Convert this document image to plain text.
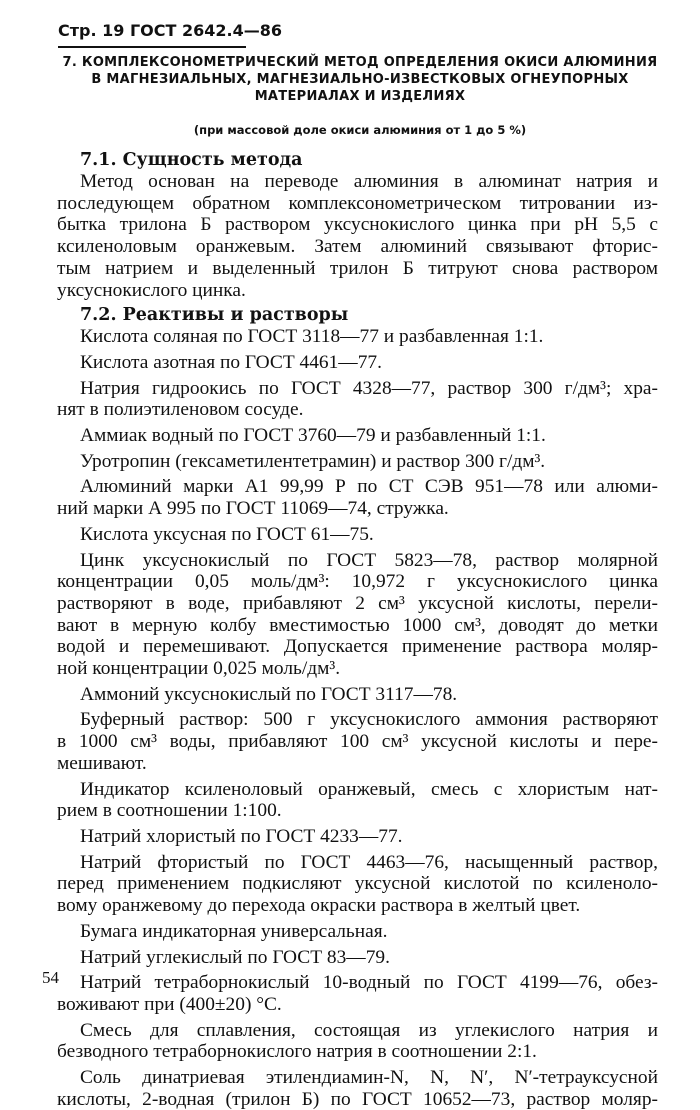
Стр. 19 ГОСТ 2642.4—86
7. КОМПЛЕКСОНОМЕТРИЧЕСКИЙ МЕТОД ОПРЕДЕЛЕНИЯ ОКИСИ АЛЮМИНИЯ
В МАГНЕЗИАЛЬНЫХ, МАГНЕЗИАЛЬНО-ИЗВЕСТКОВЫХ ОГНЕУПОРНЫХ
МАТЕРИАЛАХ И ИЗДЕЛИЯХ
(при массовой доле окиси алюминия от 1 до 5 %)
7.1. Сущность метода
Метод основан на переводе алюминия в алюминат натрия и
последующем обратном комплексонометрическом титровании из-
бытка трилона Б раствором уксуснокислого цинка при pH 5,5 с
ксиленоловым оранжевым. Затем алюминий связывают фторис-
тым натрием и выделенный трилон Б титруют снова раствором
уксуснокислого цинка.
7.2. Реактивы и растворы
Кислота соляная по ГОСТ 3118—77 и разбавленная 1:1.
Кислота азотная по ГОСТ 4461—77.
Натрия гидроокись по ГОСТ 4328—77, раствор 300 г/дм³; хра-
нят в полиэтиленовом сосуде.
Аммиак водный по ГОСТ 3760—79 и разбавленный 1:1.
Уротропин (гексаметилентетрамин) и раствор 300 г/дм³.
Алюминий марки А1 99,99 Р по СТ СЭВ 951—78 или алюми-
ний марки А 995 по ГОСТ 11069—74, стружка.
Кислота уксусная по ГОСТ 61—75.
Цинк уксуснокислый по ГОСТ 5823—78, раствор молярной
концентрации 0,05 моль/дм³: 10,972 г уксуснокислого цинка
растворяют в воде, прибавляют 2 см³ уксусной кислоты, перели-
вают в мерную колбу вместимостью 1000 см³, доводят до метки
водой и перемешивают. Допускается применение раствора моляр-
ной концентрации 0,025 моль/дм³.
Аммоний уксуснокислый по ГОСТ 3117—78.
Буферный раствор: 500 г уксуснокислого аммония растворяют
в 1000 см³ воды, прибавляют 100 см³ уксусной кислоты и пере-
мешивают.
Индикатор ксиленоловый оранжевый, смесь с хлористым нат-
рием в соотношении 1:100.
Натрий хлористый по ГОСТ 4233—77.
Натрий фтористый по ГОСТ 4463—76, насыщенный раствор,
перед применением подкисляют уксусной кислотой по ксиленоло-
вому оранжевому до перехода окраски раствора в желтый цвет.
Бумага индикаторная универсальная.
Натрий углекислый по ГОСТ 83—79.
Натрий тетраборнокислый 10-водный по ГОСТ 4199—76, обез-
воживают при (400±20) °С.
Смесь для сплавления, состоящая из углекислого натрия и
безводного тетраборнокислого натрия в соотношении 2:1.
Соль динатриевая этилендиамин-N, N, N′, N′-тетрауксусной
кислоты, 2-водная (трилон Б) по ГОСТ 10652—73, раствор моляр-
54
